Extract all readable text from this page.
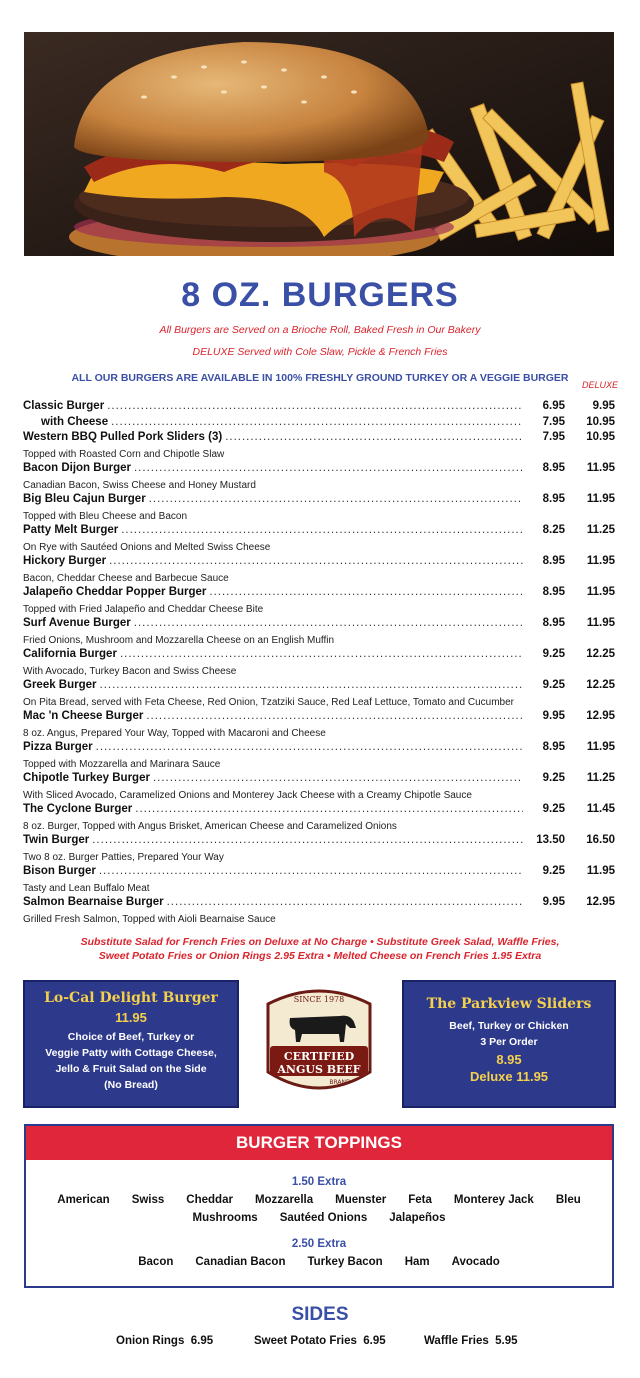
8 OZ. BURGERS
All Burgers are Served on a Brioche Roll, Baked Fresh in Our Bakery
DELUXE Served with Cole Slaw, Pickle & French Fries
ALL OUR BURGERS ARE AVAILABLE IN 100% FRESHLY GROUND TURKEY OR A VEGGIE BURGER
DELUXE
Classic Burger .....	6.95	9.95
with Cheese .....	7.95	10.95
Western BBQ Pulled Pork Sliders (3) .....	7.95	10.95
Topped with Roasted Corn and Chipotle Slaw
Bacon Dijon Burger .....	8.95	11.95
Canadian Bacon, Swiss Cheese and Honey Mustard
Big Bleu Cajun Burger .....	8.95	11.95
Topped with Bleu Cheese and Bacon
Patty Melt Burger .....	8.25	11.25
On Rye with Sautéed Onions and Melted Swiss Cheese
Hickory Burger .....	8.95	11.95
Bacon, Cheddar Cheese and Barbecue Sauce
Jalapeño Cheddar Popper Burger .....	8.95	11.95
Topped with Fried Jalapeño and Cheddar Cheese Bite
Surf Avenue Burger .....	8.95	11.95
Fried Onions, Mushroom and Mozzarella Cheese on an English Muffin
California Burger .....	9.25	12.25
With Avocado, Turkey Bacon and Swiss Cheese
Greek Burger .....	9.25	12.25
On Pita Bread, served with Feta Cheese, Red Onion, Tzatziki Sauce, Red Leaf Lettuce, Tomato and Cucumber
Mac 'n Cheese Burger .....	9.95	12.95
8 oz. Angus, Prepared Your Way, Topped with Macaroni and Cheese
Pizza Burger .....	8.95	11.95
Topped with Mozzarella and Marinara Sauce
Chipotle Turkey Burger .....	9.25	11.25
With Sliced Avocado, Caramelized Onions and Monterey Jack Cheese with a Creamy Chipotle Sauce
The Cyclone Burger .....	9.25	11.45
8 oz. Burger, Topped with Angus Brisket, American Cheese and Caramelized Onions
Twin Burger .....	13.50	16.50
Two 8 oz. Burger Patties, Prepared Your Way
Bison Burger .....	9.25	11.95
Tasty and Lean Buffalo Meat
Salmon Bearnaise Burger .....	9.95	12.95
Grilled Fresh Salmon, Topped with Aioli Bearnaise Sauce
Substitute Salad for French Fries on Deluxe at No Charge • Substitute Greek Salad, Waffle Fries,
Sweet Potato Fries or Onion Rings 2.95 Extra • Melted Cheese on French Fries 1.95 Extra
Lo-Cal Delight Burger
11.95
Choice of Beef, Turkey or
Veggie Patty with Cottage Cheese,
Jello & Fruit Salad on the Side
(No Bread)
SINCE 1978
CERTIFIED
ANGUS BEEF
BRAND
The Parkview Sliders
Beef, Turkey or Chicken
3 Per Order
8.95
Deluxe 11.95
BURGER TOPPINGS
1.50 Extra
American Swiss Cheddar Mozzarella Muenster Feta Monterey Jack Bleu
Mushrooms Sautéed Onions Jalapeños
2.50 Extra
Bacon Canadian Bacon Turkey Bacon Ham Avocado
SIDES
Onion Rings 6.95	Sweet Potato Fries 6.95	Waffle Fries 5.95
